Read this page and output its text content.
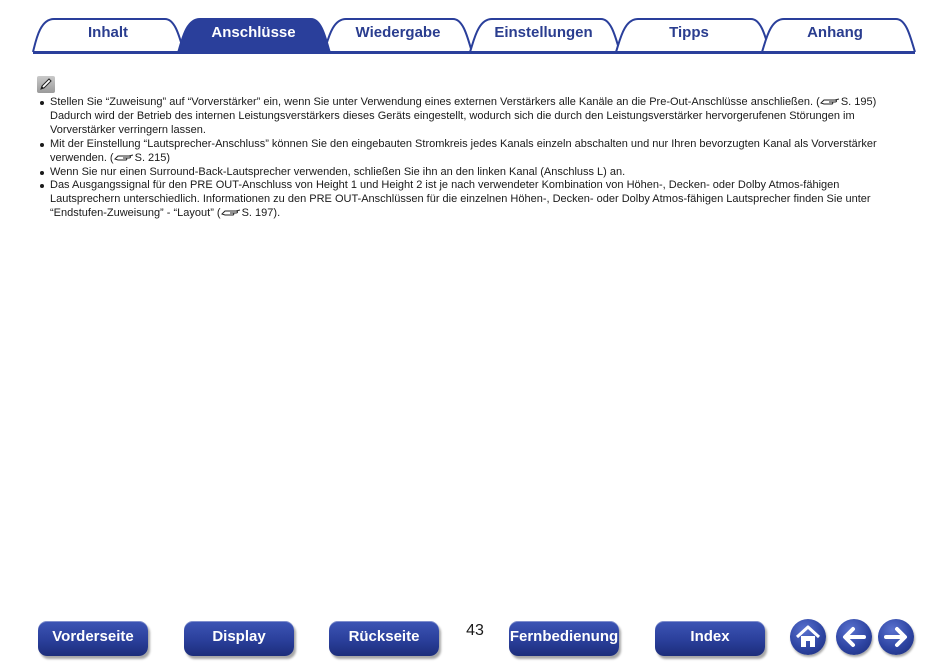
Inhalt	Anschlüsse	Wiedergabe	Einstellungen	Tipps	Anhang
Stellen Sie “Zuweisung” auf “Vorverstärker” ein, wenn Sie unter Verwendung eines externen Verstärkers alle Kanäle an die Pre-Out-Anschlüsse anschließen. ( S. 195)
Dadurch wird der Betrieb des internen Leistungsverstärkers dieses Geräts eingestellt, wodurch sich die durch den Leistungsverstärker hervorgerufenen Störungen im Vorverstärker verringern lassen.
Mit der Einstellung “Lautsprecher-Anschluss” können Sie den eingebauten Stromkreis jedes Kanals einzeln abschalten und nur Ihren bevorzugten Kanal als Vorverstärker verwenden. ( S. 215)
Wenn Sie nur einen Surround-Back-Lautsprecher verwenden, schließen Sie ihn an den linken Kanal (Anschluss L) an.
Das Ausgangssignal für den PRE OUT-Anschluss von Height 1 und Height 2 ist je nach verwendeter Kombination von Höhen-, Decken- oder Dolby Atmos-fähigen Lautsprechern unterschiedlich. Informationen zu den PRE OUT-Anschlüssen für die einzelnen Höhen-, Decken- oder Dolby Atmos-fähigen Lautsprecher finden Sie unter “Endstufen-Zuweisung” - “Layout” ( S. 197).
Vorderseite	Display	Rückseite	43	Fernbedienung	Index
